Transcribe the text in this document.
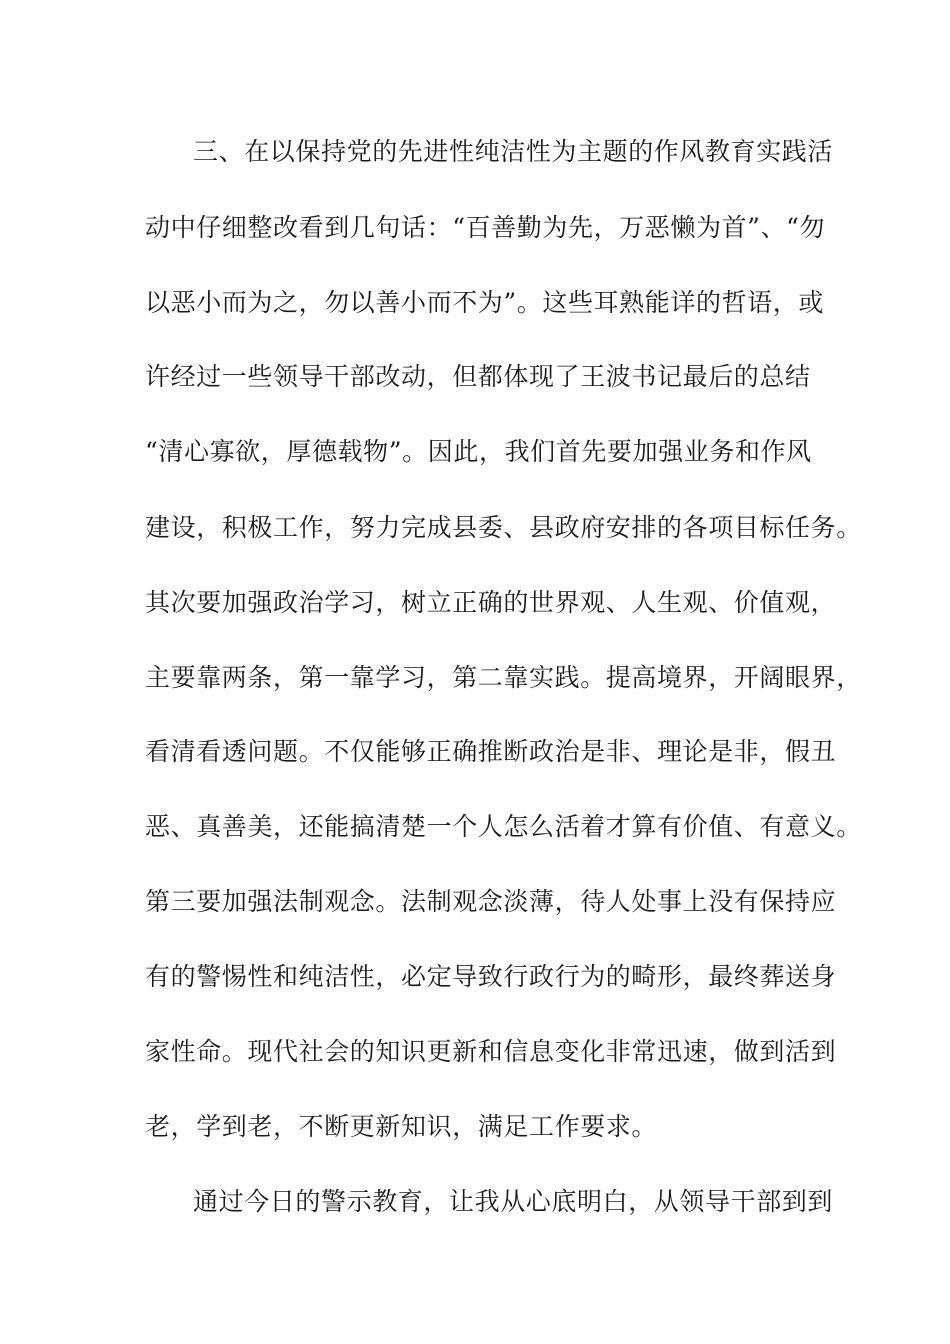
三、在以保持党的先进性纯洁性为主题的作风教育实践活
动中仔细整改看到几句话：“百善勤为先，万恶懒为首”、“勿
以恶小而为之，勿以善小而不为”。这些耳熟能详的哲语，或
许经过一些领导干部改动，但都体现了王波书记最后的总结
“清心寡欲，厚德载物”。因此，我们首先要加强业务和作风
建设，积极工作，努力完成县委、县政府安排的各项目标任务。
其次要加强政治学习，树立正确的世界观、人生观、价值观，
主要靠两条，第一靠学习，第二靠实践。提高境界，开阔眼界，
看清看透问题。不仅能够正确推断政治是非、理论是非，假丑
恶、真善美，还能搞清楚一个人怎么活着才算有价值、有意义。
第三要加强法制观念。法制观念淡薄，待人处事上没有保持应
有的警惕性和纯洁性，必定导致行政行为的畸形，最终葬送身
家性命。现代社会的知识更新和信息变化非常迅速，做到活到
老，学到老，不断更新知识，满足工作要求。
通过今日的警示教育，让我从心底明白，从领导干部到到
